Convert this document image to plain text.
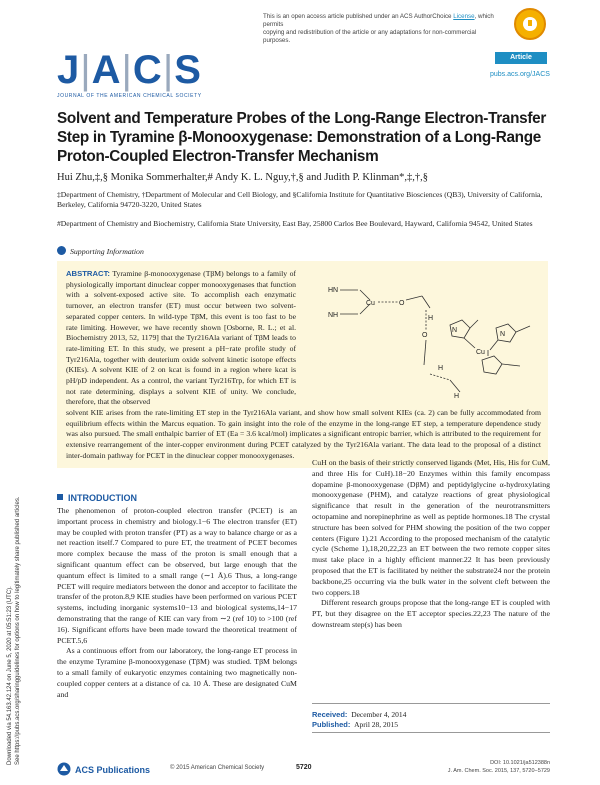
This is an open access article published under an ACS AuthorChoice License, which permits
copying and redistribution of the article or any adaptations for non-commercial purposes.
J|A|C|S
JOURNAL OF THE AMERICAN CHEMICAL SOCIETY
Article
pubs.acs.org/JACS
Solvent and Temperature Probes of the Long-Range Electron-Transfer Step in Tyramine β-Monooxygenase: Demonstration of a Long-Range Proton-Coupled Electron-Transfer Mechanism
Hui Zhu,‡,§ Monika Sommerhalter,# Andy K. L. Nguy,†,§ and Judith P. Klinman*,‡,†,§
‡Department of Chemistry, †Department of Molecular and Cell Biology, and §California Institute for Quantitative Biosciences (QB3), University of California, Berkeley, California 94720-3220, United States
#Department of Chemistry and Biochemistry, California State University, East Bay, 25800 Carlos Bee Boulevard, Hayward, California 94542, United States
Supporting Information
ABSTRACT: Tyramine β-monooxygenase (TβM) belongs to a family of physiologically important dinuclear copper monooxygenases that function with a solvent-exposed active site. To accomplish each enzymatic turnover, an electron transfer (ET) must occur between two solvent-separated copper centers. In wild-type TβM, this event is too fast to be rate limiting. However, we have recently shown [Osborne, R. L.; et al. Biochemistry 2013, 52, 1179] that the Tyr216Ala variant of TβM leads to rate-limiting ET. In this study, we present a pH−rate profile study of Tyr216Ala, together with deuterium oxide solvent kinetic isotope effects (KIEs). A solvent KIE of 2 on kcat is found in a region where kcat is pH/pD independent. As a control, the variant Tyr216Trp, for which ET is not rate determining, displays a solvent KIE of unity. We conclude, therefore, that the observed
Cu	O
H
O
Cu
HN
NH
N
N
H
H
solvent KIE arises from the rate-limiting ET step in the Tyr216Ala variant, and show how small solvent KIEs (ca. 2) can be fully accommodated from equilibrium effects within the Marcus equation. To gain insight into the role of the enzyme in the long-range ET step, a temperature dependence study was also pursued. The small enthalpic barrier of ET (Ea = 3.6 kcal/mol) implicates a significant entropic barrier, which is attributed to the requirement for extensive rearrangement of the inter-copper environment during PCET catalyzed by the Tyr216Ala variant. The data lead to the proposal of a distinct inter-domain pathway for PCET in the dinuclear copper monooxygenases.
INTRODUCTION

The phenomenon of proton-coupled electron transfer (PCET) is an important process in chemistry and biology.1−6 The electron transfer (ET) may be coupled with proton transfer (PT) as a way to balance charge or as a net reaction itself.7 Compared to pure ET, the treatment of PCET becomes more complex because the mass of the proton is small enough that a significant quantum effect can be observed, but large enough that the quantum effect is limited to a small range (∼1 Å).6 Thus, a long-range PCET will require mediators between the donor and acceptor to facilitate the transfer of the proton.8,9 KIE studies have been performed on various PCET systems, including inorganic systems10−13 and biological systems,14−17 demonstrating that the range of KIE can vary from ∼2 (ref 10) to >100 (ref 16). Significant efforts have been made toward the theoretical treatment of PCET.5,6

As a continuous effort from our laboratory, the long-range ET process in the enzyme Tyramine β-monooxygenase (TβM) was studied. TβM belongs to a small family of eukaryotic enzymes containing two magnetically non-coupled copper centers at a distance of ca. 10 Å. These are designated CuM and

CuH on the basis of their strictly conserved ligands (Met, His, His for CuM, and three His for CuH).18−20 Enzymes within this family encompass dopamine β-monooxygenase (DβM) and peptidylglycine α-hydroxylating monooxygenase (PHM), and catalyze reactions of great physiological significance that result in the generation of the neurotransmitters octopamine and norepinephrine as well as peptide hormones.18 The crystal structure has been solved for PHM showing the position of the two copper centers (Figure 1).21 According to the proposed mechanism of the catalytic cycle (Scheme 1),18,20,22,23 an ET between the two remote copper sites must take place in a highly efficient manner.22 It has been previously proposed that the ET is facilitated by neither the substrate24 nor the protein backbone,25 occurring via the bulk water in the solvent cleft between the two coppers.18

Different research groups propose that the long-range ET is coupled with PT, but they disagree on the ET acceptor species.22,23 The nature of the downstream step(s) has been

Received: December 4, 2014
Published: April 28, 2015
Downloaded via 54.163.42.124 on June 5, 2020 at 05:51:23 (UTC). See https://pubs.acs.org/sharingguidelines for options on how to legitimately share published articles.
ACS Publications	© 2015 American Chemical Society	5720
DOI: 10.1021/ja512388n
J. Am. Chem. Soc. 2015, 137, 5720−5729
